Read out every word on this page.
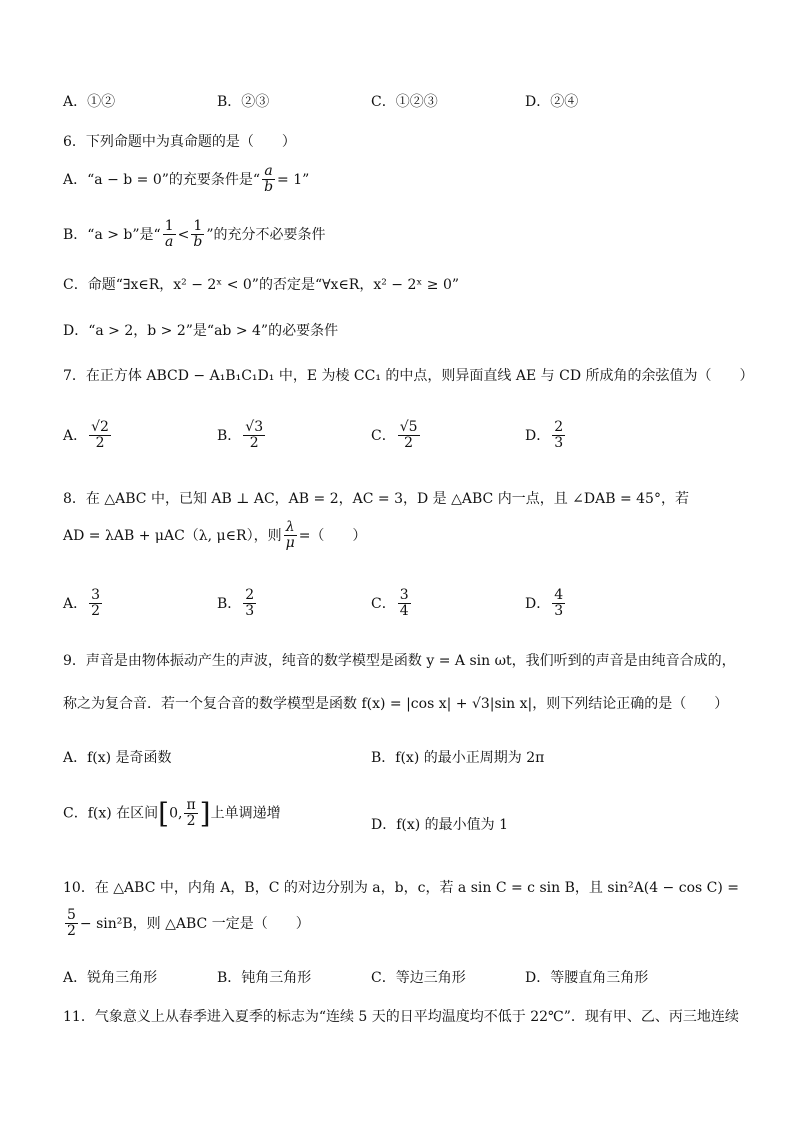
A．①②	B．②③	C．①②③	D．②④
6．下列命题中为真命题的是（　　）
A．“a − b = 0”的充要条件是“ $\frac{a}{b} = 1$”
B．“a > b”是“ $\frac{1}{a} < \frac{1}{b}$ ”的充分不必要条件
C．命题“∃x∈R，x² − 2ˣ < 0”的否定是“∀x∈R，x² − 2ˣ ≥ 0”
D．“a > 2，b > 2”是“ab > 4”的必要条件
7．在正方体 ABCD − A₁B₁C₁D₁ 中，E 为棱 CC₁ 的中点，则异面直线 AE 与 CD 所成角的余弦值为（　　）
A． $\frac{√2}{2}$	B． $\frac{√3}{2}$	C． $\frac{√5}{2}$	D． $\frac{2}{3}$
8．在 △ABC 中，已知 AB ⊥ AC，AB = 2，AC = 3，D 是 △ABC 内一点，且 ∠DAB = 45°，若
AD = λAB + μAC（λ, μ∈R），则 $\frac{\lambda}{\mu}$ =（　　）
A． $\frac{3}{2}$	B． $\frac{2}{3}$	C． $\frac{3}{4}$	D． $\frac{4}{3}$
9．声音是由物体振动产生的声波，纯音的数学模型是函数 y = A sin ωt，我们听到的声音是由纯音合成的，
称之为复合音．若一个复合音的数学模型是函数 f(x) = |cos x| + √3|sin x|，则下列结论正确的是（　　）
A．f(x) 是奇函数	B．f(x) 的最小正周期为 2π
C．f(x) 在区间[0, $\frac{\pi}{2}$ ]上单调递增
D．f(x) 的最小值为 1
10．在 △ABC 中，内角 A，B，C 的对边分别为 a，b，c，若 a sin C = c sin B，且 sin²A(4 − cos C) =
$\frac{5}{2} - \sin^2B$，则 △ABC 一定是（　　）
A．锐角三角形	B．钝角三角形	C．等边三角形	D．等腰直角三角形
11．气象意义上从春季进入夏季的标志为“连续 5 天的日平均温度均不低于 22℃”．现有甲、乙、丙三地连续
